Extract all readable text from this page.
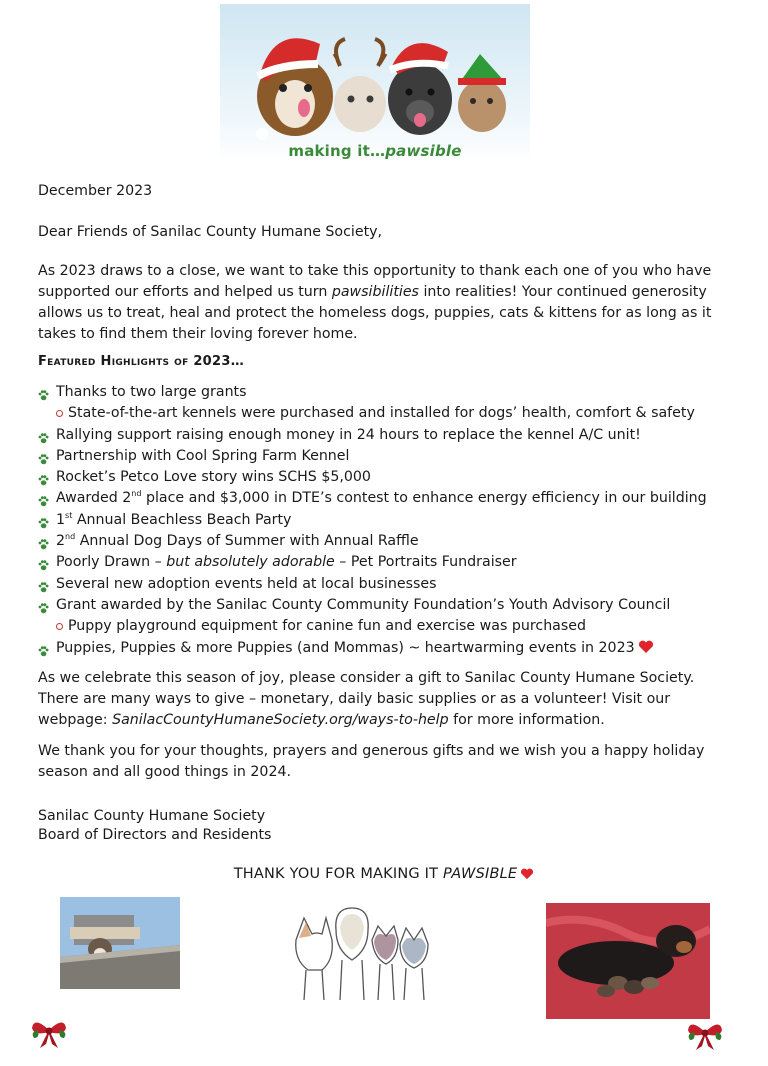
making it…pawsible
December 2023
Dear Friends of Sanilac County Humane Society,
As 2023 draws to a close, we want to take this opportunity to thank each one of you who have supported our efforts and helped us turn pawsibilities into realities! Your continued generosity allows us to treat, heal and protect the homeless dogs, puppies, cats & kittens for as long as it takes to find them their loving forever home.
Featured Highlights of 2023…
Thanks to two large grants
State-of-the-art kennels were purchased and installed for dogs’ health, comfort & safety
Rallying support raising enough money in 24 hours to replace the kennel A/C unit!
Partnership with Cool Spring Farm Kennel
Rocket’s Petco Love story wins SCHS $5,000
Awarded 2nd place and $3,000 in DTE’s contest to enhance energy efficiency in our building
1st Annual Beachless Beach Party
2nd Annual Dog Days of Summer with Annual Raffle
Poorly Drawn – but absolutely adorable – Pet Portraits Fundraiser
Several new adoption events held at local businesses
Grant awarded by the Sanilac County Community Foundation’s Youth Advisory Council
Puppy playground equipment for canine fun and exercise was purchased
Puppies, Puppies & more Puppies (and Mommas) ~ heartwarming events in 2023
As we celebrate this season of joy, please consider a gift to Sanilac County Humane Society. There are many ways to give – monetary, daily basic supplies or as a volunteer! Visit our webpage: SanilacCountyHumaneSociety.org/ways-to-help for more information.
We thank you for your thoughts, prayers and generous gifts and we wish you a happy holiday season and all good things in 2024.
Sanilac County Humane Society
Board of Directors and Residents
THANK YOU FOR MAKING IT PAWSIBLE
